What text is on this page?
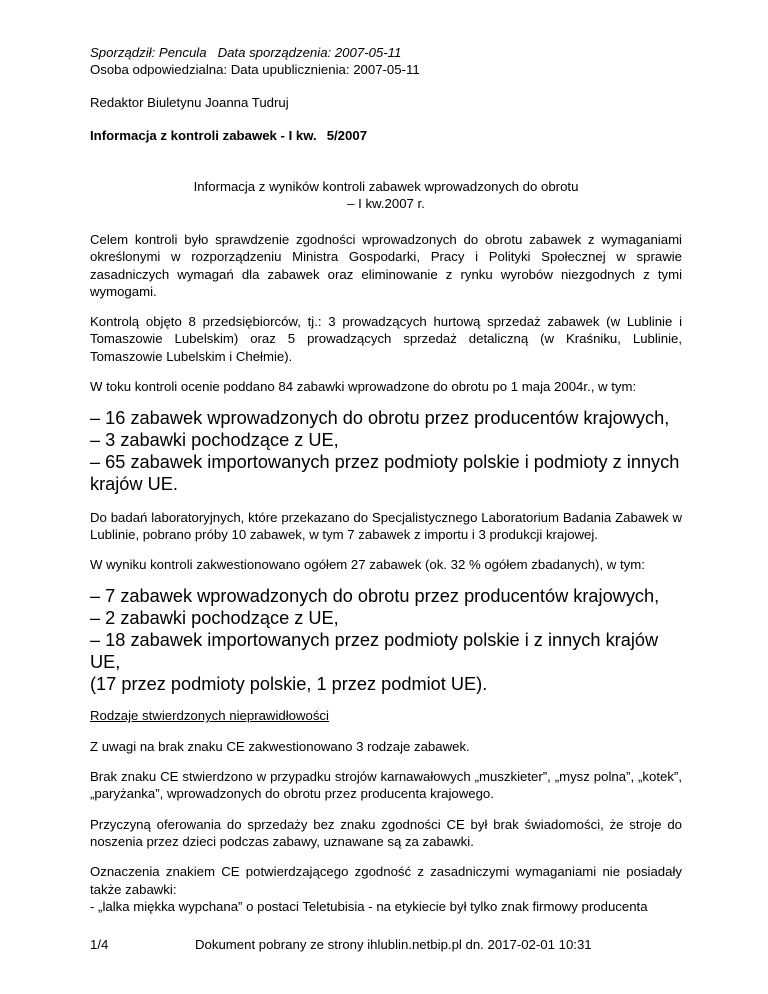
Sporządził: Penculа Data sporządzenia: 2007-05-11
Osoba odpowiedzialna: Data upublicznienia: 2007-05-11
Redaktor Biuletynu Joanna Tudruj
Informacja z kontroli zabawek - I kw. 5/2007
Informacja z wyników kontroli zabawek wprowadzonych do obrotu
– I kw.2007 r.

Celem kontroli było sprawdzenie zgodności wprowadzonych do obrotu zabawek z wymaganiami określonymi w rozporządzeniu Ministra Gospodarki, Pracy i Polityki Społecznej w sprawie zasadniczych wymagań dla zabawek oraz eliminowanie z rynku wyrobów niezgodnych z tymi wymogami.

Kontrolą objęto 8 przedsiębiorców, tj.: 3 prowadzących hurtową sprzedaż zabawek (w Lublinie i Tomaszowie Lubelskim) oraz 5 prowadzących sprzedaż detaliczną (w Kraśniku, Lublinie, Tomaszowie Lubelskim i Chełmie).

W toku kontroli ocenie poddano 84 zabawki wprowadzone do obrotu po 1 maja 2004r., w tym:

– 16 zabawek wprowadzonych do obrotu przez producentów krajowych,
– 3 zabawki pochodzące z UE,
– 65 zabawek importowanych przez podmioty polskie i podmioty z innych krajów UE.

Do badań laboratoryjnych, które przekazano do Specjalistycznego Laboratorium Badania Zabawek w Lublinie, pobrano próby 10 zabawek, w tym 7 zabawek z importu i 3 produkcji krajowej.

W wyniku kontroli zakwestionowano ogółem 27 zabawek (ok. 32 % ogółem zbadanych), w tym:

– 7 zabawek wprowadzonych do obrotu przez producentów krajowych,
– 2 zabawki pochodzące z UE,
– 18 zabawek importowanych przez podmioty polskie i z innych krajów UE,
(17 przez podmioty polskie, 1 przez podmiot UE).

Rodzaje stwierdzonych nieprawidłowości

Z uwagi na brak znaku CE zakwestionowano 3 rodzaje zabawek.

Brak znaku CE stwierdzono w przypadku strojów karnawałowych „muszkieter”, „mysz polna”, „kotek”, „paryżanka”, wprowadzonych do obrotu przez producenta krajowego.

Przyczyną oferowania do sprzedaży bez znaku zgodności CE był brak świadomości, że stroje do noszenia przez dzieci podczas zabawy, uznawane są za zabawki.

Oznaczenia znakiem CE potwierdzającego zgodność z zasadniczymi wymaganiami nie posiadały także zabawki:

- „lalka miękka wypchana” o postaci Teletubisia - na etykiecie był tylko znak firmowy producenta

1/4	Dokument pobrany ze strony ihlublin.netbip.pl dn. 2017-02-01 10:31
